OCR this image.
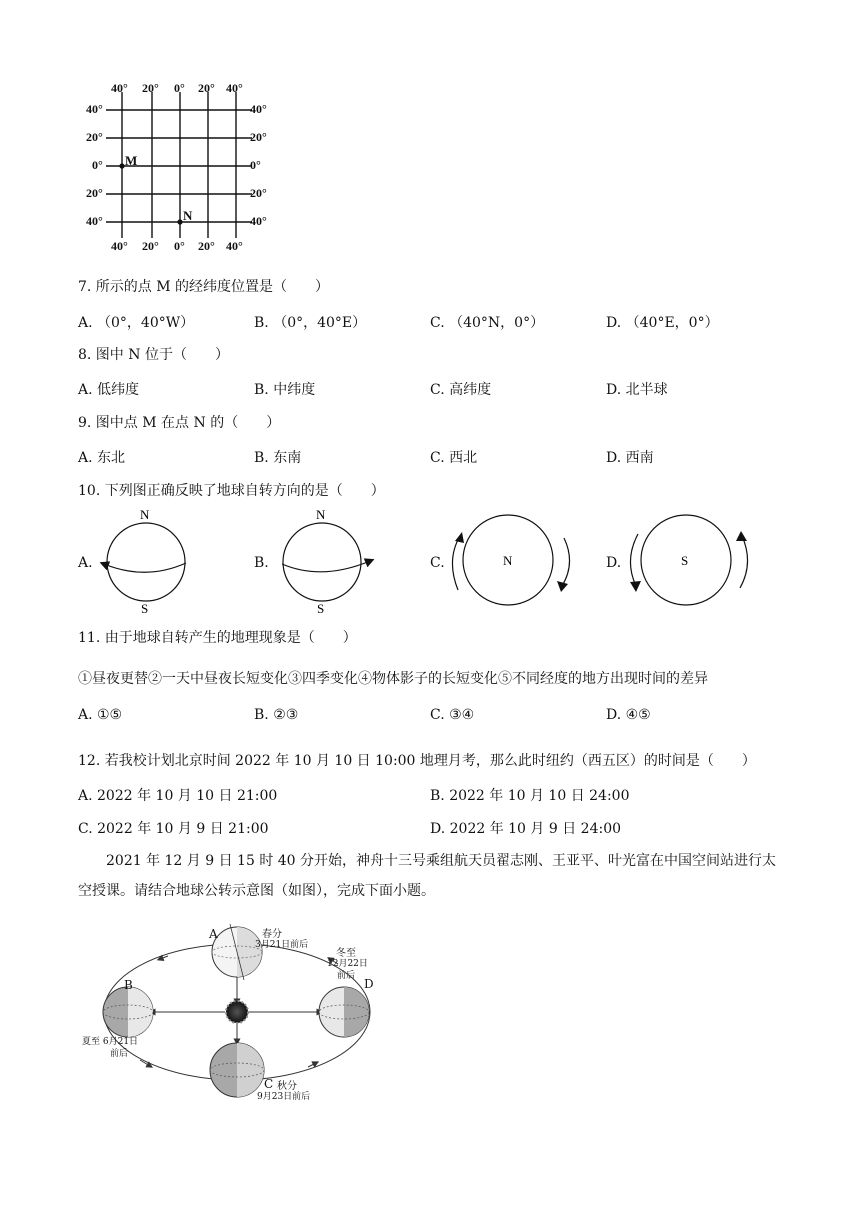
40° 20° 0° 20° 40°
40° 20° 0° 20° 40°
40°
20°
0°
20°
40°
40°
20°
0°
20°
40°
M
N
7. 所示的点 M 的经纬度位置是（　　）
A. （0°，40°W）	B. （0°，40°E）	C. （40°N，0°）	D. （40°E，0°）
8. 图中 N 位于（　　）
A. 低纬度	B. 中纬度	C. 高纬度	D. 北半球
9. 图中点 M 在点 N 的（　　）
A. 东北	B. 东南	C. 西北	D. 西南
10. 下列图正确反映了地球自转方向的是（　　）
A.	B.	C.	D.
N
S
N
S
N	S
11. 由于地球自转产生的地理现象是（　　）
①昼夜更替②一天中昼夜长短变化③四季变化④物体影子的长短变化⑤不同经度的地方出现时间的差异
A. ①⑤	B. ②③	C. ③④	D. ④⑤
12. 若我校计划北京时间 2022 年 10 月 10 日 10:00 地理月考，那么此时纽约（西五区）的时间是（　　）
A. 2022 年 10 月 10 日 21:00	B. 2022 年 10 月 10 日 24:00
C. 2022 年 10 月 9 日 21:00	D. 2022 年 10 月 9 日 24:00
2021 年 12 月 9 日 15 时 40 分开始，神舟十三号乘组航天员翟志刚、王亚平、叶光富在中国空间站进行太空授课。请结合地球公转示意图（如图），完成下面小题。
A	春分
3月21日前后
B
夏至 6月21日
前后
C 秋分
9月23日前后
D
冬至
12月22日
前后
